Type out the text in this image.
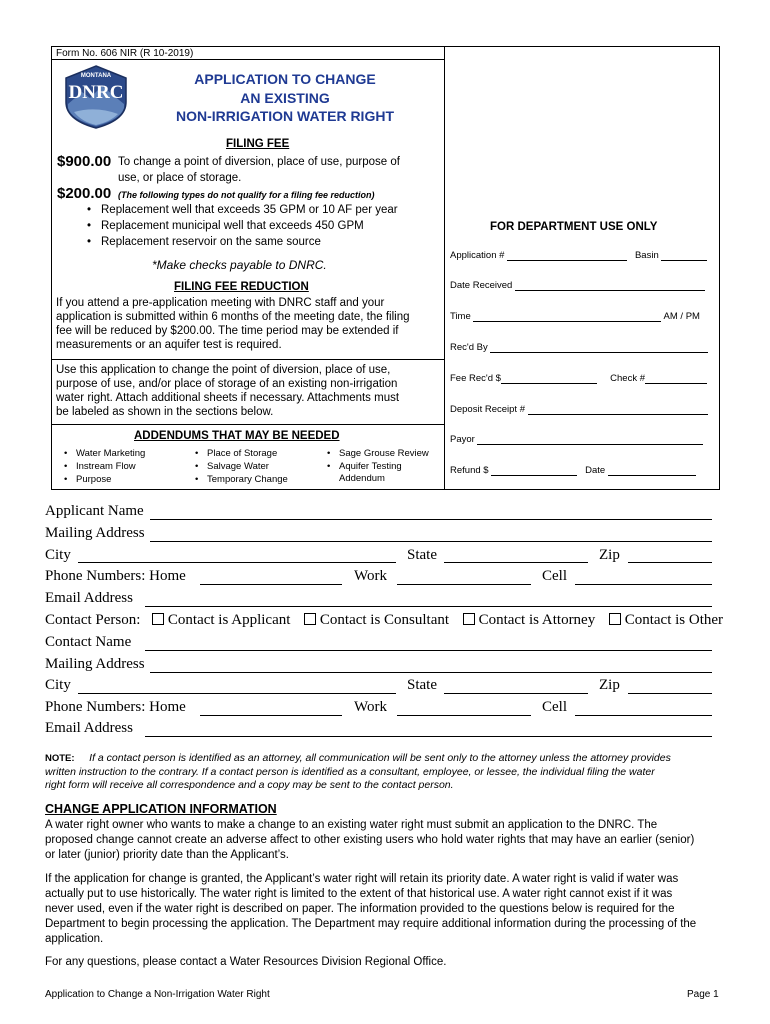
Form No. 606 NIR (R 10-2019)
MONTANA
DNRC
APPLICATION TO CHANGE
AN EXISTING
NON-IRRIGATION WATER RIGHT
FILING FEE
$900.00 To change a point of diversion, place of use, purpose of
use, or place of storage.
$200.00 (The following types do not qualify for a filing fee reduction)
• Replacement well that exceeds 35 GPM or 10 AF per year
• Replacement municipal well that exceeds 450 GPM
• Replacement reservoir on the same source
*Make checks payable to DNRC.
FILING FEE REDUCTION
If you attend a pre-application meeting with DNRC staff and your
application is submitted within 6 months of the meeting date, the filing
fee will be reduced by $200.00. The time period may be extended if
measurements or an aquifer test is required.
Use this application to change the point of diversion, place of use,
purpose of use, and/or place of storage of an existing non-irrigation
water right. Attach additional sheets if necessary. Attachments must
be labeled as shown in the sections below.
ADDENDUMS THAT MAY BE NEEDED
• Water Marketing
• Instream Flow
• Purpose
• Place of Storage
• Salvage Water
• Temporary Change
• Sage Grouse Review
• Aquifer Testing
Addendum
FOR DEPARTMENT USE ONLY
Application #	Basin
Date Received
Time	AM / PM
Rec'd By
Fee Rec'd $	Check #
Deposit Receipt #
Payor
Refund $	Date
Applicant Name
Mailing Address
City	State	Zip
Phone Numbers: Home	Work	Cell
Email Address
Contact Person: Contact is Applicant Contact is Consultant Contact is Attorney Contact is Other
Contact Name
Mailing Address
City	State	Zip
Phone Numbers: Home	Work	Cell
Email Address
NOTE: If a contact person is identified as an attorney, all communication will be sent only to the attorney unless the attorney provides
written instruction to the contrary. If a contact person is identified as a consultant, employee, or lessee, the individual filing the water
right form will receive all correspondence and a copy may be sent to the contact person.
CHANGE APPLICATION INFORMATION
A water right owner who wants to make a change to an existing water right must submit an application to the DNRC. The
proposed change cannot create an adverse affect to other existing users who hold water rights that may have an earlier (senior)
or later (junior) priority date than the Applicant’s.
If the application for change is granted, the Applicant’s water right will retain its priority date. A water right is valid if water was
actually put to use historically. The water right is limited to the extent of that historical use. A water right cannot exist if it was
never used, even if the water right is described on paper. The information provided to the questions below is required for the
Department to begin processing the application. The Department may require additional information during the processing of the
application.
For any questions, please contact a Water Resources Division Regional Office.
Application to Change a Non-Irrigation Water Right	Page 1
